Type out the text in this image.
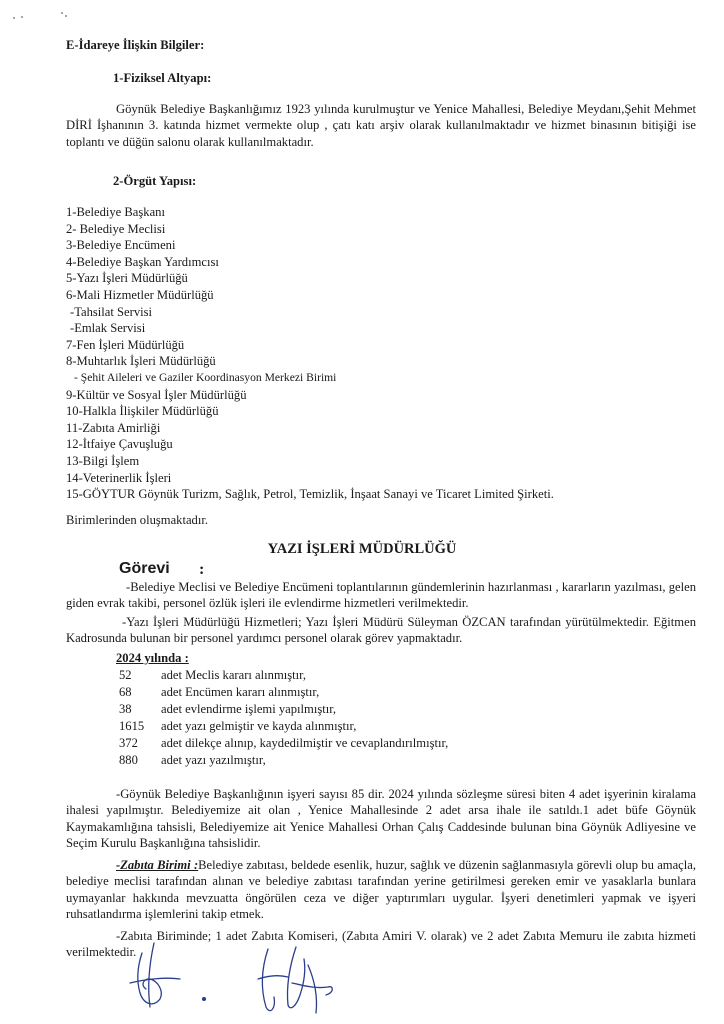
E-İdareye İlişkin Bilgiler:
1-Fiziksel Altyapı:
Göynük Belediye Başkanlığımız 1923 yılında kurulmuştur ve Yenice Mahallesi, Belediye Meydanı,Şehit Mehmet DİRİ İşhanının 3. katında hizmet vermekte olup , çatı katı arşiv olarak kullanılmaktadır ve hizmet binasının bitişiği ise toplantı ve düğün salonu olarak kullanılmaktadır.
2-Örgüt Yapısı:
1-Belediye Başkanı
2- Belediye Meclisi
3-Belediye Encümeni
4-Belediye Başkan Yardımcısı
5-Yazı İşleri Müdürlüğü
6-Mali Hizmetler Müdürlüğü
-Tahsilat Servisi
-Emlak Servisi
7-Fen İşleri Müdürlüğü
8-Muhtarlık İşleri Müdürlüğü
- Şehit Aileleri ve Gaziler Koordinasyon Merkezi Birimi
9-Kültür ve Sosyal İşler Müdürlüğü
10-Halkla İlişkiler Müdürlüğü
11-Zabıta Amirliği
12-İtfaiye Çavuşluğu
13-Bilgi İşlem
14-Veterinerlik İşleri
15-GÖYTUR Göynük Turizm, Sağlık, Petrol, Temizlik, İnşaat Sanayi ve Ticaret Limited Şirketi.
Birimlerinden oluşmaktadır.
YAZI İŞLERİ MÜDÜRLÜĞÜ
Görevi :
-Belediye Meclisi ve Belediye Encümeni toplantılarının gündemlerinin hazırlanması , kararların yazılması, gelen giden evrak takibi, personel özlük işleri ile evlendirme hizmetleri verilmektedir.
-Yazı İşleri Müdürlüğü Hizmetleri; Yazı İşleri Müdürü Süleyman ÖZCAN tarafından yürütülmektedir. Eğitmen Kadrosunda bulunan bir personel yardımcı personel olarak görev yapmaktadır.
2024 yılında :
52 adet Meclis kararı alınmıştır,
68 adet Encümen kararı alınmıştır,
38 adet evlendirme işlemi yapılmıştır,
1615 adet yazı gelmiştir ve kayda alınmıştır,
372 adet dilekçe alınıp, kaydedilmiştir ve cevaplandırılmıştır,
880 adet yazı yazılmıştır,
-Göynük Belediye Başkanlığının işyeri sayısı 85 dir. 2024 yılında sözleşme süresi biten 4 adet işyerinin kiralama ihalesi yapılmıştır. Belediyemize ait olan , Yenice Mahallesinde 2 adet arsa ihale ile satıldı.1 adet büfe Göynük Kaymakamlığına tahsisli, Belediyemize ait Yenice Mahallesi Orhan Çalış Caddesinde bulunan bina Göynük Adliyesine ve Seçim Kurulu Başkanlığına tahsislidir.
-Zabıta Birimi :Belediye zabıtası, beldede esenlik, huzur, sağlık ve düzenin sağlanmasıyla görevli olup bu amaçla, belediye meclisi tarafından alınan ve belediye zabıtası tarafından yerine getirilmesi gereken emir ve yasaklarla bunlara uymayanlar hakkında mevzuatta öngörülen ceza ve diğer yaptırımları uygular. İşyeri denetimleri yapmak ve işyeri ruhsatlandırma işlemlerini takip etmek.
-Zabıta Biriminde; 1 adet Zabıta Komiseri, (Zabıta Amiri V. olarak) ve 2 adet Zabıta Memuru ile zabıta hizmeti verilmektedir.
